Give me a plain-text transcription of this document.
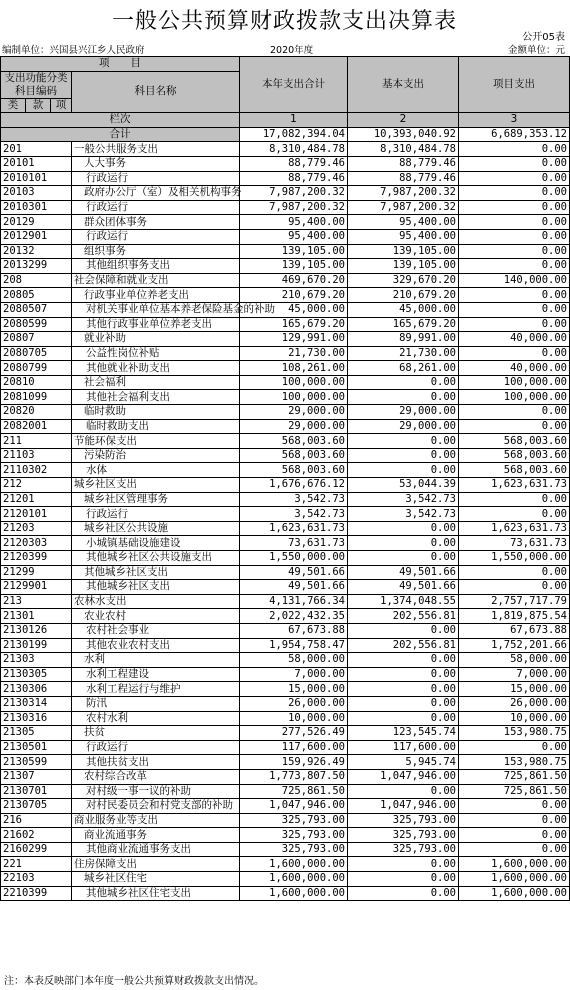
一般公共预算财政拨款支出决算表
公开05表
编制单位：兴国县兴江乡人民政府	2020年度	金额单位：元
项　　目				本年支出合计	基本支出	项目支出
支出功能分类
科目编码			科目名称			

类	款	项				
栏次				1	2	3
合计				17,082,394.04	10,393,040.92	6,689,353.12
201			一般公共服务支出	8,310,484.78	8,310,484.78	0.00
20101			人大事务	88,779.46	88,779.46	0.00
2010101			行政运行	88,779.46	88,779.46	0.00
20103			政府办公厅（室）及相关机构事务	7,987,200.32	7,987,200.32	0.00
2010301			行政运行	7,987,200.32	7,987,200.32	0.00
20129			群众团体事务	95,400.00	95,400.00	0.00
2012901			行政运行	95,400.00	95,400.00	0.00
20132			组织事务	139,105.00	139,105.00	0.00
2013299			其他组织事务支出	139,105.00	139,105.00	0.00
208			社会保障和就业支出	469,670.20	329,670.20	140,000.00
20805			行政事业单位养老支出	210,679.20	210,679.20	0.00
2080507			对机关事业单位基本养老保险基金的补助	45,000.00	45,000.00	0.00
2080599			其他行政事业单位养老支出	165,679.20	165,679.20	0.00
20807			就业补助	129,991.00	89,991.00	40,000.00
2080705			公益性岗位补贴	21,730.00	21,730.00	0.00
2080799			其他就业补助支出	108,261.00	68,261.00	40,000.00
20810			社会福利	100,000.00	0.00	100,000.00
2081099			其他社会福利支出	100,000.00	0.00	100,000.00
20820			临时救助	29,000.00	29,000.00	0.00
2082001			临时救助支出	29,000.00	29,000.00	0.00
211			节能环保支出	568,003.60	0.00	568,003.60
21103			污染防治	568,003.60	0.00	568,003.60
2110302			水体	568,003.60	0.00	568,003.60
212			城乡社区支出	1,676,676.12	53,044.39	1,623,631.73
21201			城乡社区管理事务	3,542.73	3,542.73	0.00
2120101			行政运行	3,542.73	3,542.73	0.00
21203			城乡社区公共设施	1,623,631.73	0.00	1,623,631.73
2120303			小城镇基础设施建设	73,631.73	0.00	73,631.73
2120399			其他城乡社区公共设施支出	1,550,000.00	0.00	1,550,000.00
21299			其他城乡社区支出	49,501.66	49,501.66	0.00
2129901			其他城乡社区支出	49,501.66	49,501.66	0.00
213			农林水支出	4,131,766.34	1,374,048.55	2,757,717.79
21301			农业农村	2,022,432.35	202,556.81	1,819,875.54
2130126			农村社会事业	67,673.88	0.00	67,673.88
2130199			其他农业农村支出	1,954,758.47	202,556.81	1,752,201.66
21303			水利	58,000.00	0.00	58,000.00
2130305			水利工程建设	7,000.00	0.00	7,000.00
2130306			水利工程运行与维护	15,000.00	0.00	15,000.00
2130314			防汛	26,000.00	0.00	26,000.00
2130316			农村水利	10,000.00	0.00	10,000.00
21305			扶贫	277,526.49	123,545.74	153,980.75
2130501			行政运行	117,600.00	117,600.00	0.00
2130599			其他扶贫支出	159,926.49	5,945.74	153,980.75
21307			农村综合改革	1,773,807.50	1,047,946.00	725,861.50
2130701			对村级一事一议的补助	725,861.50	0.00	725,861.50
2130705			对村民委员会和村党支部的补助	1,047,946.00	1,047,946.00	0.00
216			商业服务业等支出	325,793.00	325,793.00	0.00
21602			商业流通事务	325,793.00	325,793.00	0.00
2160299			其他商业流通事务支出	325,793.00	325,793.00	0.00
221			住房保障支出	1,600,000.00	0.00	1,600,000.00
22103			城乡社区住宅	1,600,000.00	0.00	1,600,000.00
2210399			其他城乡社区住宅支出	1,600,000.00	0.00	1,600,000.00
注：本表反映部门本年度一般公共预算财政拨款支出情况。
